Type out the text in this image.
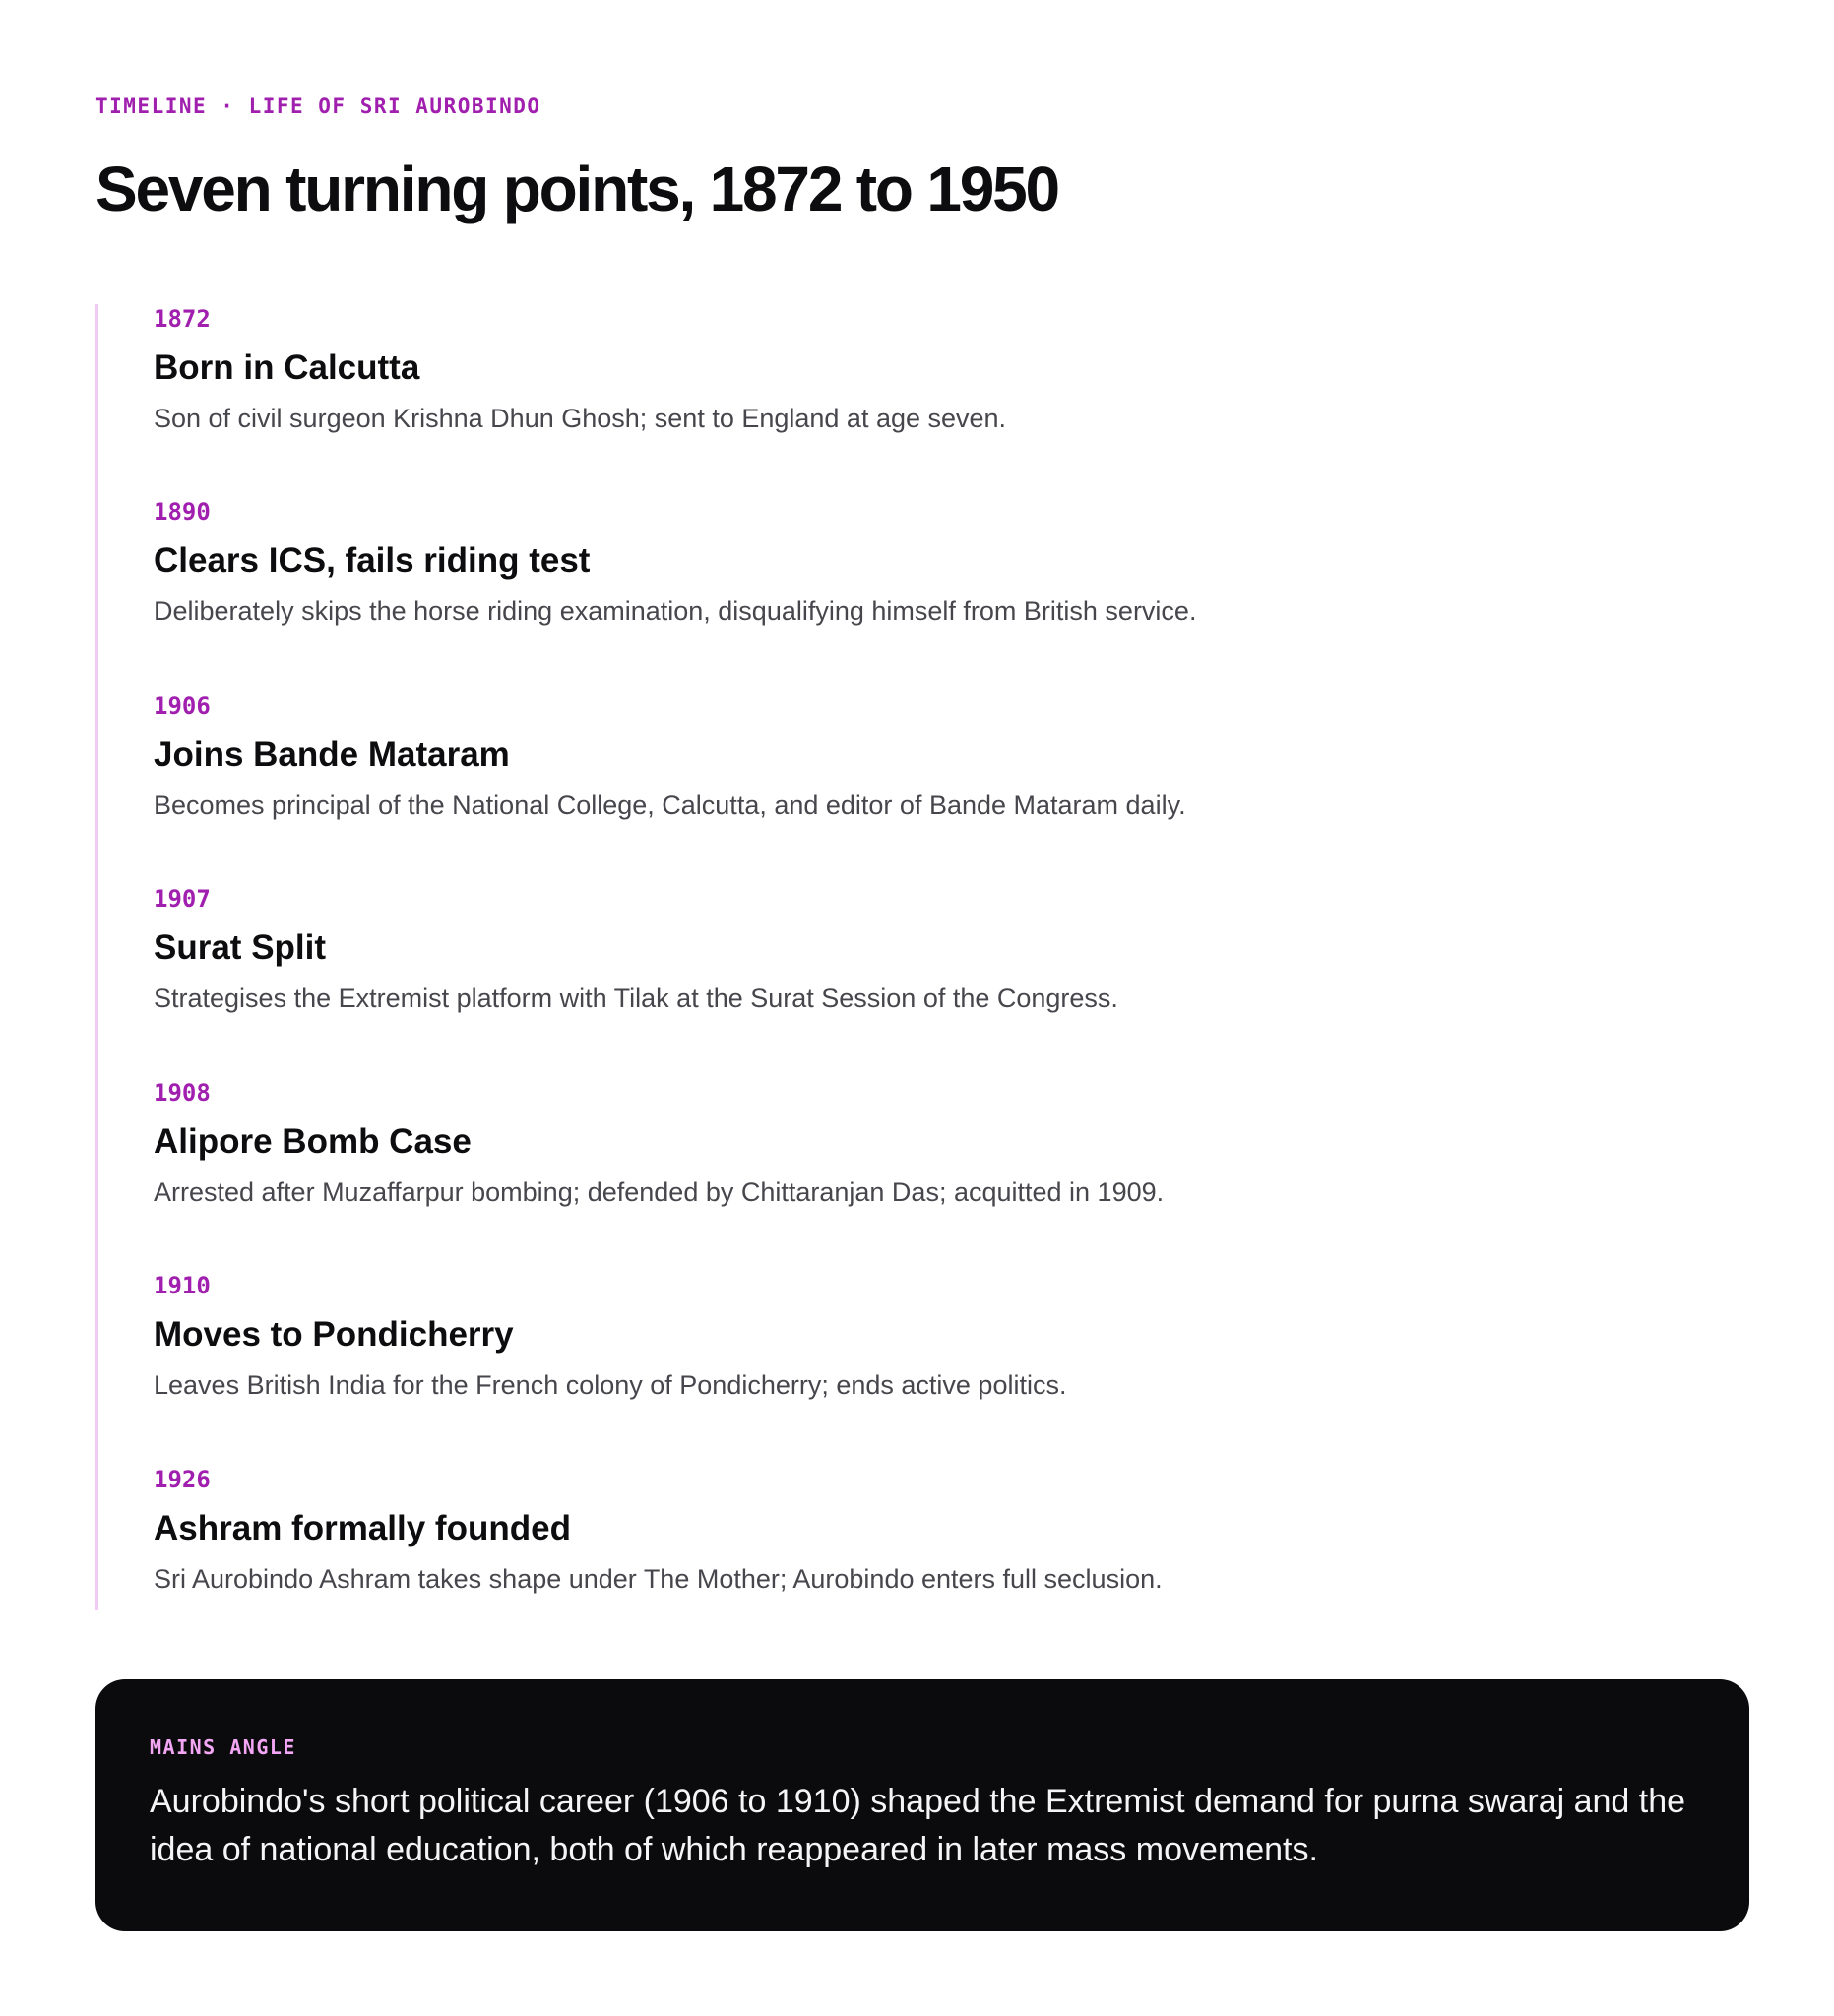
TIMELINE · LIFE OF SRI AUROBINDO
Seven turning points, 1872 to 1950
1872
Born in Calcutta
Son of civil surgeon Krishna Dhun Ghosh; sent to England at age seven.
1890
Clears ICS, fails riding test
Deliberately skips the horse riding examination, disqualifying himself from British service.
1906
Joins Bande Mataram
Becomes principal of the National College, Calcutta, and editor of Bande Mataram daily.
1907
Surat Split
Strategises the Extremist platform with Tilak at the Surat Session of the Congress.
1908
Alipore Bomb Case
Arrested after Muzaffarpur bombing; defended by Chittaranjan Das; acquitted in 1909.
1910
Moves to Pondicherry
Leaves British India for the French colony of Pondicherry; ends active politics.
1926
Ashram formally founded
Sri Aurobindo Ashram takes shape under The Mother; Aurobindo enters full seclusion.
MAINS ANGLE
Aurobindo's short political career (1906 to 1910) shaped the Extremist demand for purna swaraj and the idea of national education, both of which reappeared in later mass movements.
